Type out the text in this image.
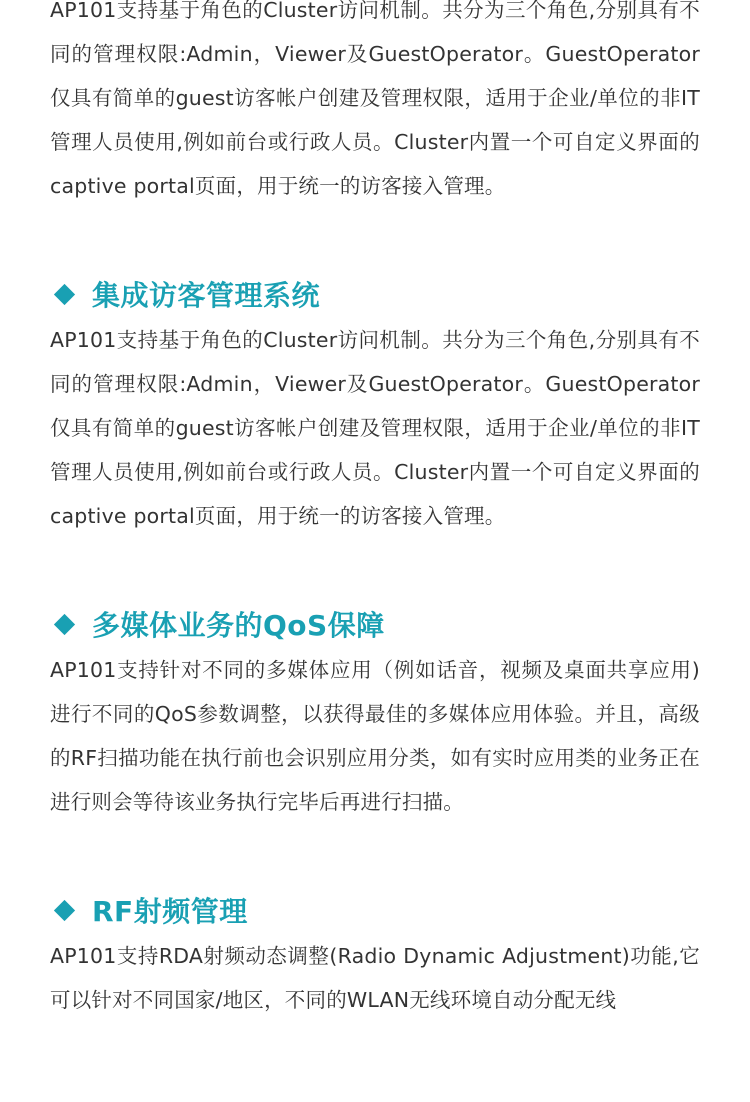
AP101支持基于角色的Cluster访问机制。共分为三个角色,分别具有不同的管理权限:Admin，Viewer及GuestOperator。GuestOperator仅具有简单的guest访客帐户创建及管理权限，适用于企业/单位的非IT管理人员使用,例如前台或行政人员。Cluster内置一个可自定义界面的captive portal页面，用于统一的访客接入管理。

集成访客管理系统

AP101支持基于角色的Cluster访问机制。共分为三个角色,分别具有不同的管理权限:Admin，Viewer及GuestOperator。GuestOperator仅具有简单的guest访客帐户创建及管理权限，适用于企业/单位的非IT管理人员使用,例如前台或行政人员。Cluster内置一个可自定义界面的captive portal页面，用于统一的访客接入管理。

多媒体业务的QoS保障

AP101支持针对不同的多媒体应用（例如话音，视频及桌面共享应用)进行不同的QoS参数调整，以获得最佳的多媒体应用体验。并且，高级的RF扫描功能在执行前也会识别应用分类，如有实时应用类的业务正在进行则会等待该业务执行完毕后再进行扫描。

RF射频管理

AP101支持RDA射频动态调整(Radio Dynamic Adjustment)功能,它可以针对不同国家/地区，不同的WLAN无线环境自动分配无线
